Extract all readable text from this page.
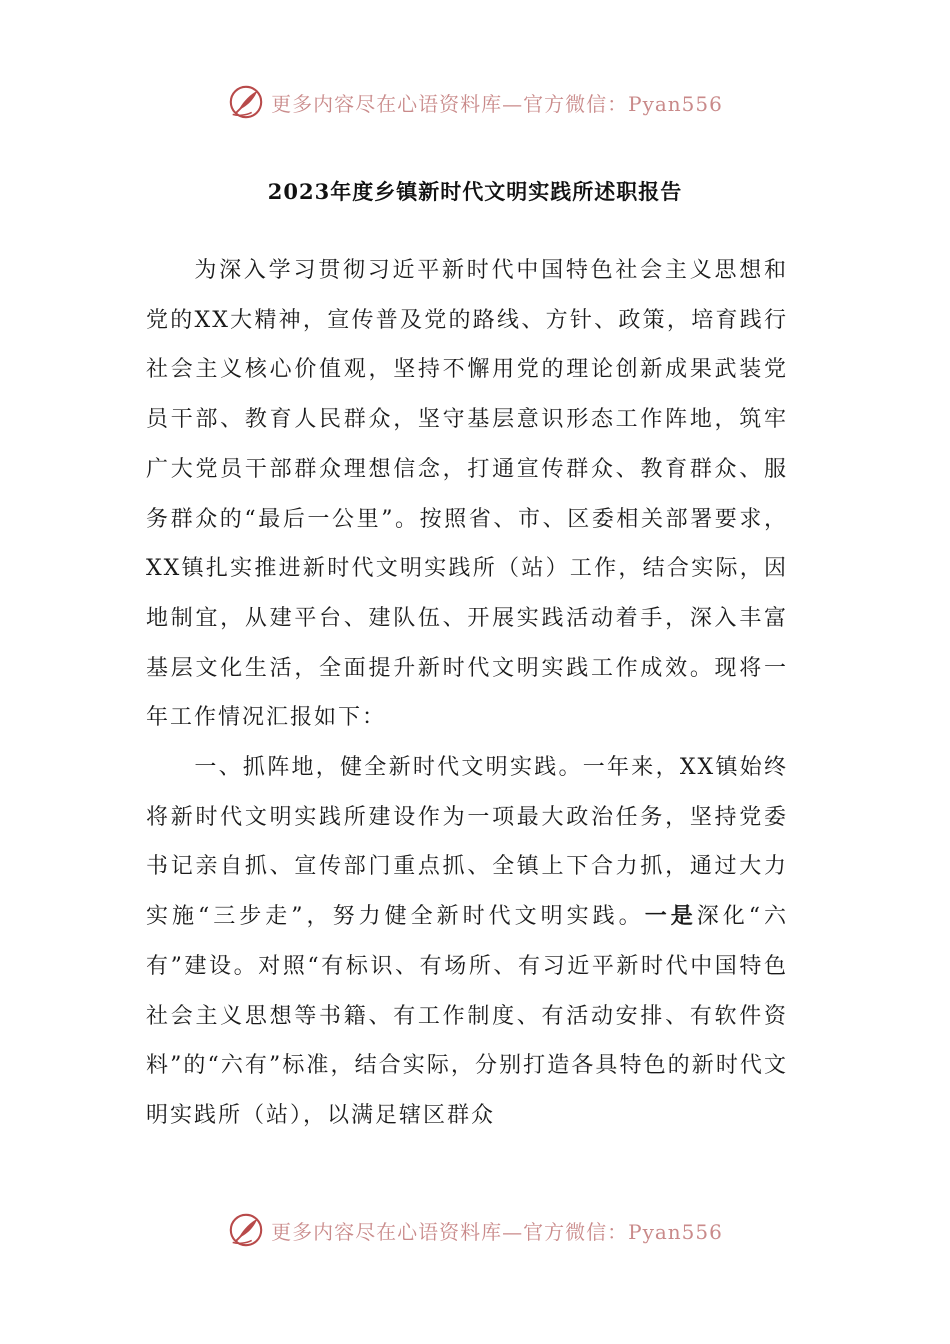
更多内容尽在心语资料库—官方微信：Pyan556
2023年度乡镇新时代文明实践所述职报告

为深入学习贯彻习近平新时代中国特色社会主义思想和党的XX大精神，宣传普及党的路线、方针、政策，培育践行社会主义核心价值观，坚持不懈用党的理论创新成果武装党员干部、教育人民群众，坚守基层意识形态工作阵地，筑牢广大党员干部群众理想信念，打通宣传群众、教育群众、服务群众的“最后一公里”。按照省、市、区委相关部署要求，XX镇扎实推进新时代文明实践所（站）工作，结合实际，因地制宜，从建平台、建队伍、开展实践活动着手，深入丰富基层文化生活，全面提升新时代文明实践工作成效。现将一年工作情况汇报如下：

一、抓阵地，健全新时代文明实践。一年来，XX镇始终将新时代文明实践所建设作为一项最大政治任务，坚持党委书记亲自抓、宣传部门重点抓、全镇上下合力抓，通过大力实施“三步走”，努力健全新时代文明实践。一是深化“六有”建设。对照“有标识、有场所、有习近平新时代中国特色社会主义思想等书籍、有工作制度、有活动安排、有软件资料”的“六有”标准，结合实际，分别打造各具特色的新时代文明实践所（站），以满足辖区群众

更多内容尽在心语资料库—官方微信：Pyan556
